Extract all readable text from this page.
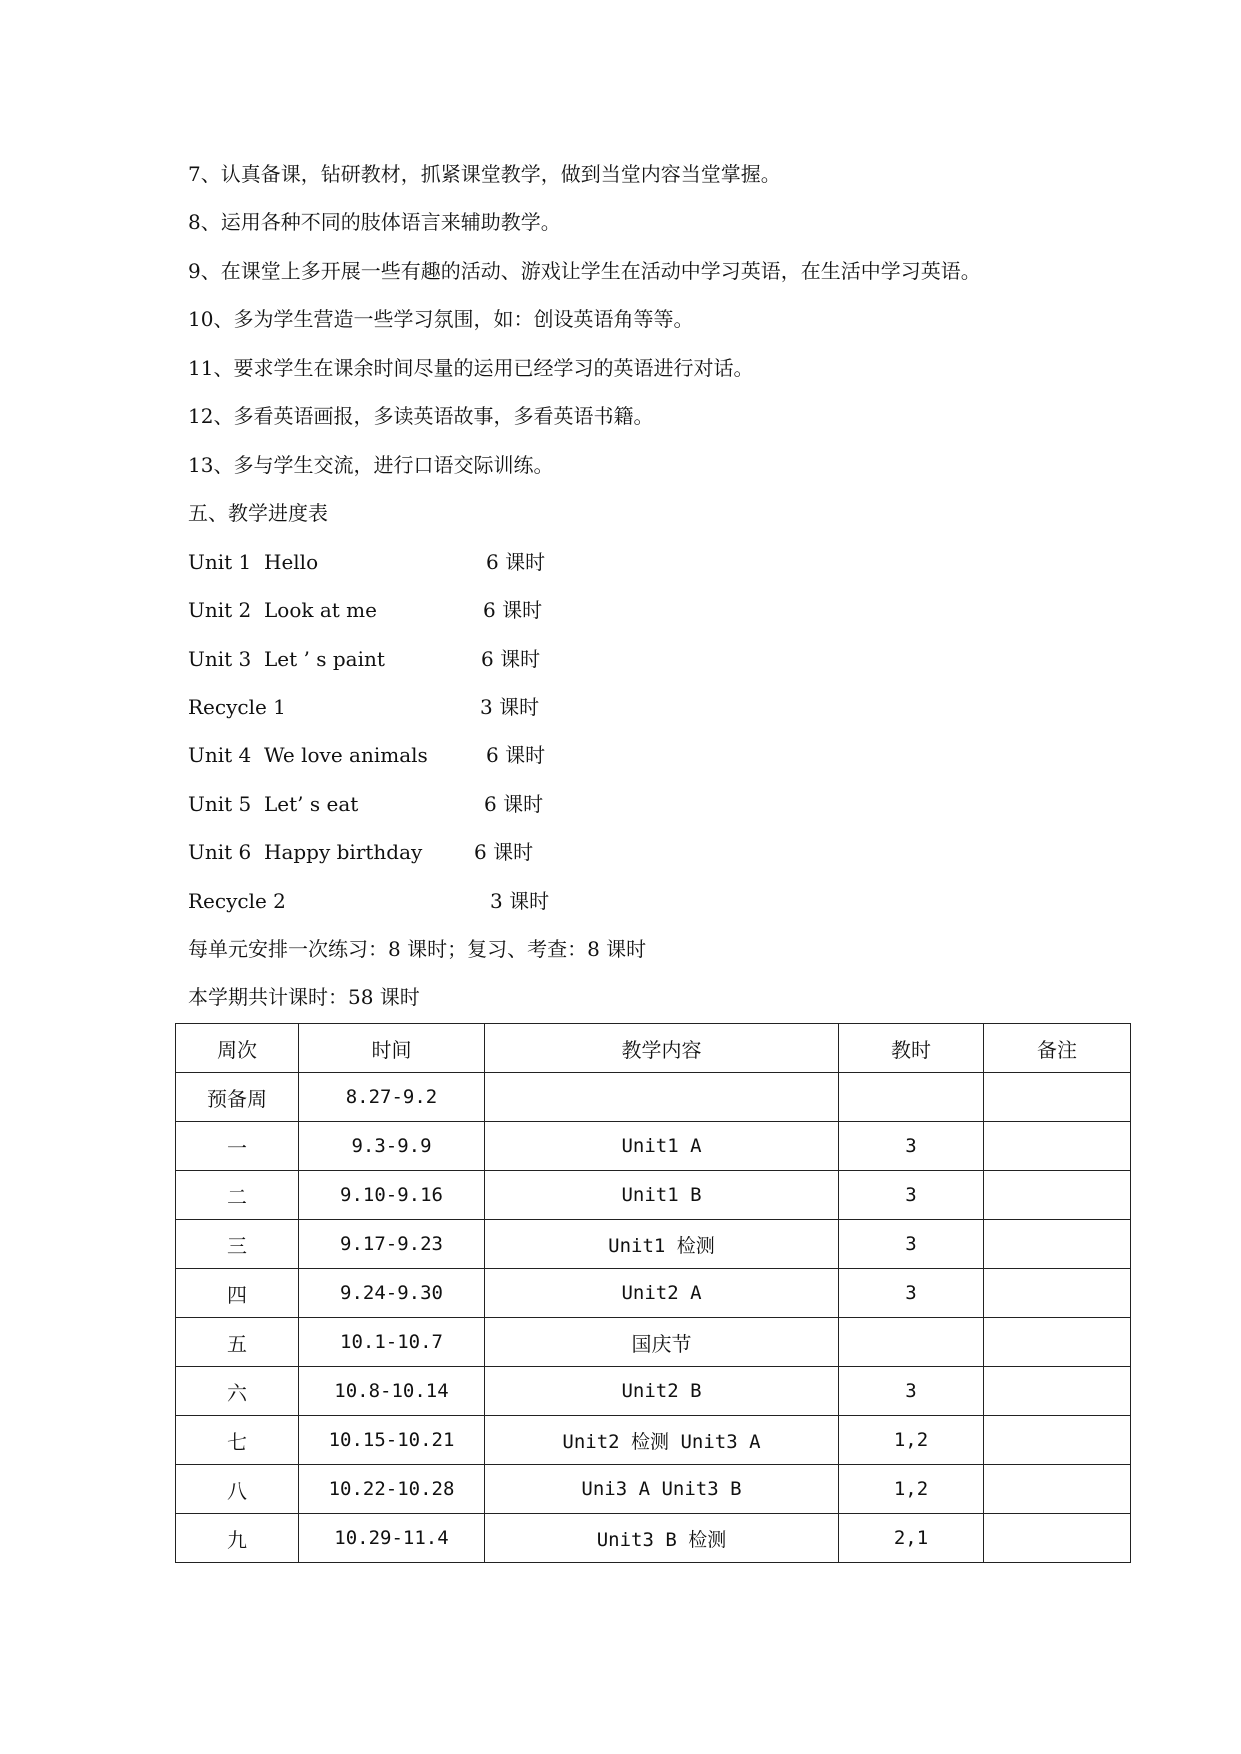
7、认真备课，钻研教材，抓紧课堂教学，做到当堂内容当堂掌握。
8、运用各种不同的肢体语言来辅助教学。
9、在课堂上多开展一些有趣的活动、游戏让学生在活动中学习英语，在生活中学习英语。
10、多为学生营造一些学习氛围，如：创设英语角等等。
11、要求学生在课余时间尽量的运用已经学习的英语进行对话。
12、多看英语画报，多读英语故事，多看英语书籍。
13、多与学生交流，进行口语交际训练。
五、教学进度表
Unit 1 Hello	6 课时
Unit 2 Look at me	6 课时
Unit 3 Let ’ s paint	6 课时
Recycle 1	3 课时
Unit 4 We love animals	6 课时
Unit 5 Let’ s eat	6 课时
Unit 6 Happy birthday	6 课时
Recycle 2	3 课时
每单元安排一次练习：8 课时；复习、考查：8 课时
本学期共计课时：58 课时
周次	时间	教学内容	教时	备注
预备周	8.27-9.2			
一	9.3-9.9	Unit1 A	3	
二	9.10-9.16	Unit1 B	3	
三	9.17-9.23	Unit1 检测	3	
四	9.24-9.30	Unit2 A	3	
五	10.1-10.7	国庆节		
六	10.8-10.14	Unit2 B	3	
七	10.15-10.21	Unit2 检测 Unit3 A	1,2	
八	10.22-10.28	Uni3 A Unit3 B	1,2	
九	10.29-11.4	Unit3 B 检测	2,1	
